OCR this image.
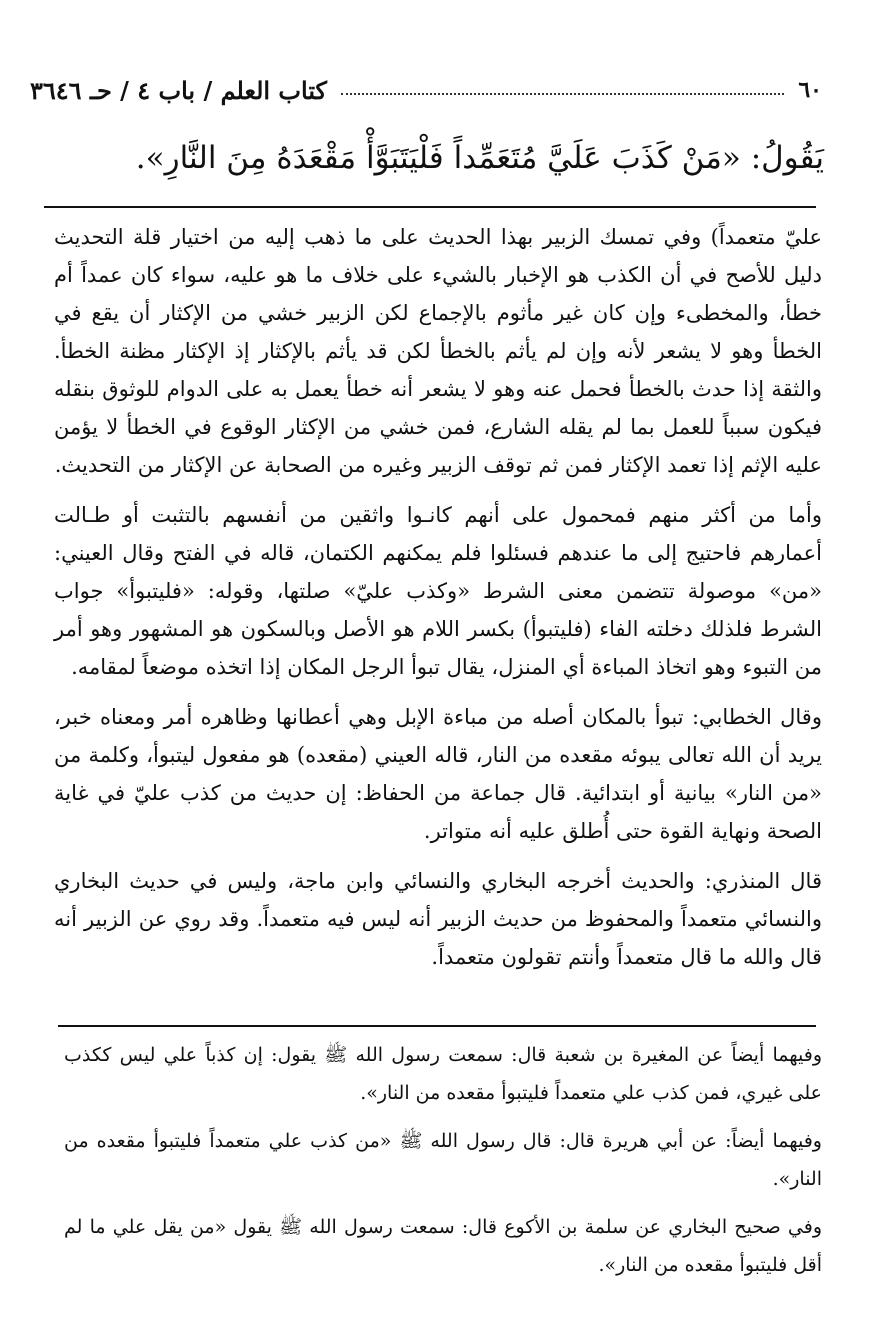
٦٠
كتاب العلم / باب ٤ / حـ ٣٦٤٦
يَقُولُ: «مَنْ كَذَبَ عَلَيَّ مُتَعَمِّداً فَلْيَتَبَوَّأْ مَقْعَدَهُ مِنَ النَّارِ».

عليّ متعمداً) وفي تمسك الزبير بهذا الحديث على ما ذهب إليه من اختيار قلة التحديث دليل للأصح في أن الكذب هو الإخبار بالشيء على خلاف ما هو عليه، سواء كان عمداً أم خطأ، والمخطىء وإن كان غير مأثوم بالإجماع لكن الزبير خشي من الإكثار أن يقع في الخطأ وهو لا يشعر لأنه وإن لم يأثم بالخطأ لكن قد يأثم بالإكثار إذ الإكثار مظنة الخطأ. والثقة إذا حدث بالخطأ فحمل عنه وهو لا يشعر أنه خطأ يعمل به على الدوام للوثوق بنقله فيكون سبباً للعمل بما لم يقله الشارع، فمن خشي من الإكثار الوقوع في الخطأ لا يؤمن عليه الإثم إذا تعمد الإكثار فمن ثم توقف الزبير وغيره من الصحابة عن الإكثار من التحديث.

وأما من أكثر منهم فمحمول على أنهم كانـوا واثقين من أنفسهم بالتثبت أو طـالت أعمارهم فاحتيج إلى ما عندهم فسئلوا فلم يمكنهم الكتمان، قاله في الفتح وقال العيني: «من» موصولة تتضمن معنى الشرط «وكذب عليّ» صلتها، وقوله: «فليتبوأ» جواب الشرط فلذلك دخلته الفاء (فليتبوأ) بكسر اللام هو الأصل وبالسكون هو المشهور وهو أمر من التبوء وهو اتخاذ المباءة أي المنزل، يقال تبوأ الرجل المكان إذا اتخذه موضعاً لمقامه.

وقال الخطابي: تبوأ بالمكان أصله من مباءة الإبل وهي أعطانها وظاهره أمر ومعناه خبر، يريد أن الله تعالى يبوئه مقعده من النار، قاله العيني (مقعده) هو مفعول ليتبوأ، وكلمة من «من النار» بيانية أو ابتدائية. قال جماعة من الحفاظ: إن حديث من كذب عليّ في غاية الصحة ونهاية القوة حتى أُطلق عليه أنه متواتر.

قال المنذري: والحديث أخرجه البخاري والنسائي وابن ماجة، وليس في حديث البخاري والنسائي متعمداً والمحفوظ من حديث الزبير أنه ليس فيه متعمداً. وقد روي عن الزبير أنه قال والله ما قال متعمداً وأنتم تقولون متعمداً.

وفيهما أيضاً عن المغيرة بن شعبة قال: سمعت رسول الله ﷺ يقول: إن كذباً علي ليس ككذب على غيري، فمن كذب علي متعمداً فليتبوأ مقعده من النار».

وفيهما أيضاً: عن أبي هريرة قال: قال رسول الله ﷺ «من كذب علي متعمداً فليتبوأ مقعده من النار».

وفي صحيح البخاري عن سلمة بن الأكوع قال: سمعت رسول الله ﷺ يقول «من يقل علي ما لم أقل فليتبوأ مقعده من النار».
